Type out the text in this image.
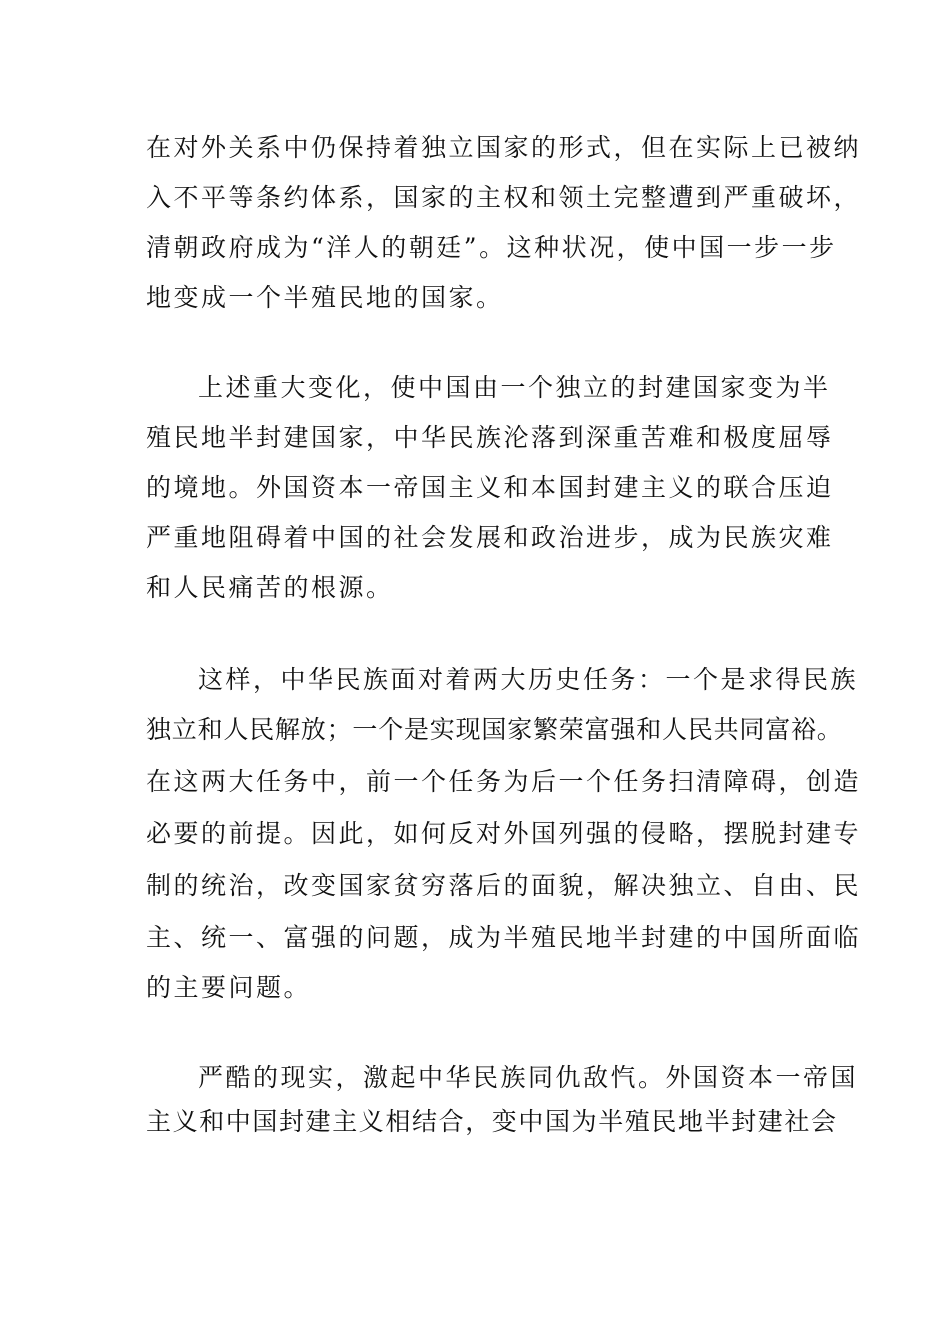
在对外关系中仍保持着独立国家的形式，但在实际上已被纳
入不平等条约体系，国家的主权和领土完整遭到严重破坏，
清朝政府成为“洋人的朝廷”。这种状况，使中国一步一步
地变成一个半殖民地的国家。
上述重大变化，使中国由一个独立的封建国家变为半
殖民地半封建国家，中华民族沦落到深重苦难和极度屈辱
的境地。外国资本一帝国主义和本国封建主义的联合压迫
严重地阻碍着中国的社会发展和政治进步，成为民族灾难
和人民痛苦的根源。
这样，中华民族面对着两大历史任务：一个是求得民族
独立和人民解放；一个是实现国家繁荣富强和人民共同富裕。
在这两大任务中，前一个任务为后一个任务扫清障碍，创造
必要的前提。因此，如何反对外国列强的侵略，摆脱封建专
制的统治，改变国家贫穷落后的面貌，解决独立、自由、民
主、统一、富强的问题，成为半殖民地半封建的中国所面临
的主要问题。
严酷的现实，激起中华民族同仇敌忾。外国资本一帝国
主义和中国封建主义相结合，变中国为半殖民地半封建社会
